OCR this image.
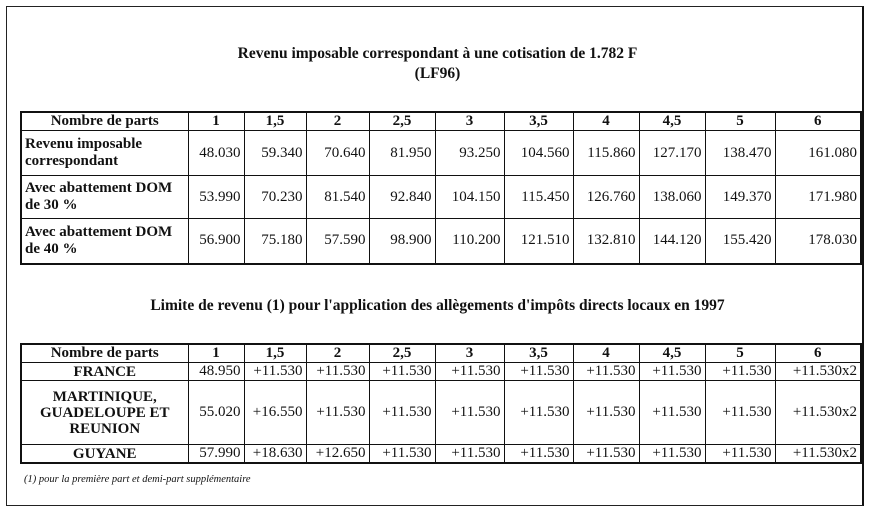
Revenu imposable correspondant à une cotisation de 1.782 F
(LF96)
Nombre de parts	1	1,5	2	2,5	3	3,5	4	4,5	5	6
Revenu imposable correspondant	48.030	59.340	70.640	81.950	93.250	104.560	115.860	127.170	138.470	161.080
Avec abattement DOM de 30 %	53.990	70.230	81.540	92.840	104.150	115.450	126.760	138.060	149.370	171.980
Avec abattement DOM de 40 %	56.900	75.180	57.590	98.900	110.200	121.510	132.810	144.120	155.420	178.030
Limite de revenu (1) pour l'application des allègements d'impôts directs locaux en 1997
Nombre de parts	1	1,5	2	2,5	3	3,5	4	4,5	5	6
FRANCE	48.950	+11.530	+11.530	+11.530	+11.530	+11.530	+11.530	+11.530	+11.530	+11.530x2
MARTINIQUE, GUADELOUPE ET REUNION	55.020	+16.550	+11.530	+11.530	+11.530	+11.530	+11.530	+11.530	+11.530	+11.530x2
GUYANE	57.990	+18.630	+12.650	+11.530	+11.530	+11.530	+11.530	+11.530	+11.530	+11.530x2
(1) pour la première part et demi-part supplémentaire
